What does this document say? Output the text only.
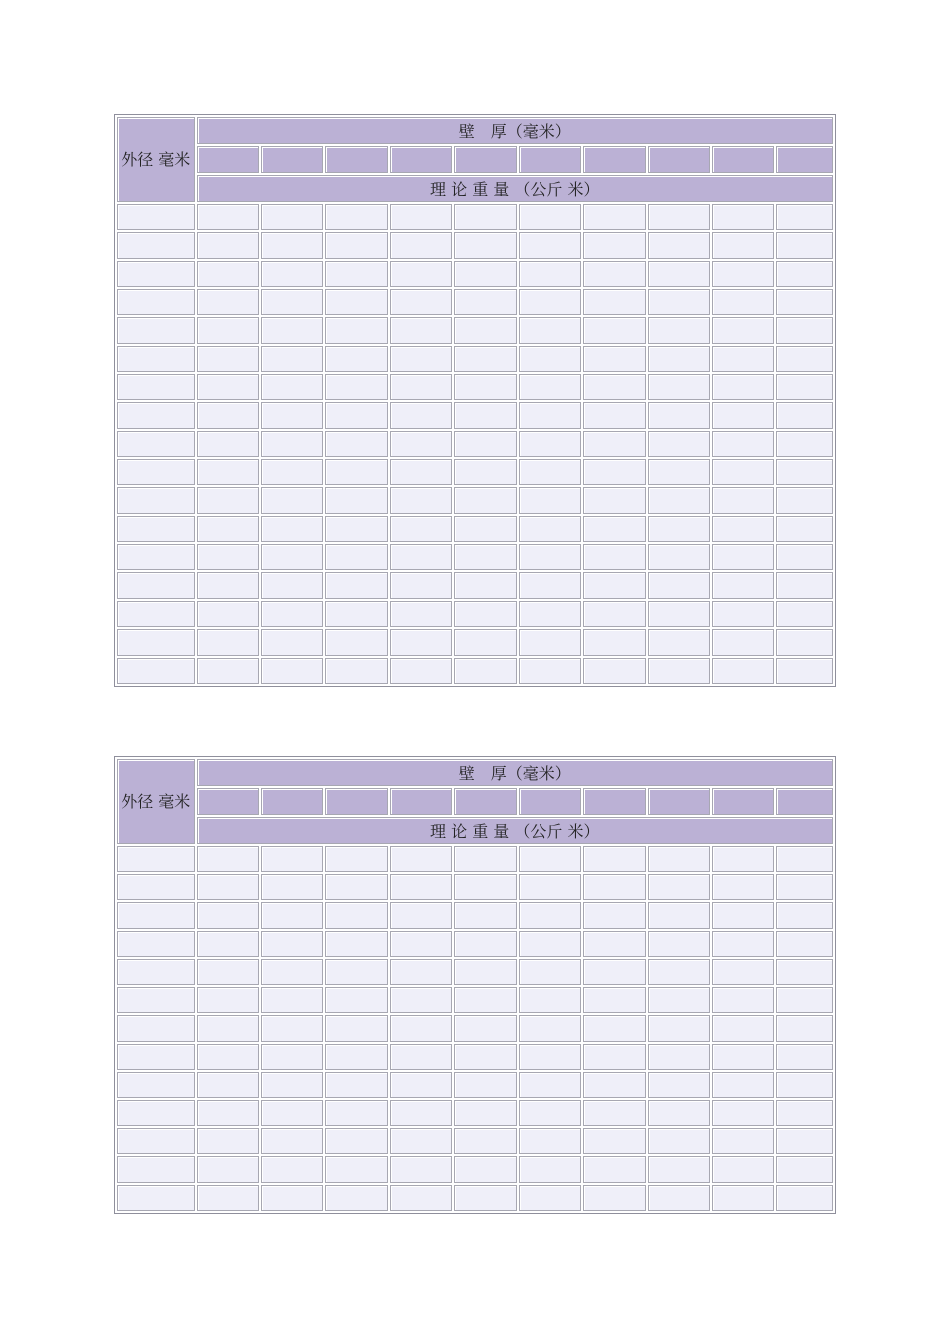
外径 毫米	壁　厚（毫米）									

	理 论 重 量 （公斤 米）									

外径 毫米	壁　厚（毫米）									

	理 论 重 量 （公斤 米）									
